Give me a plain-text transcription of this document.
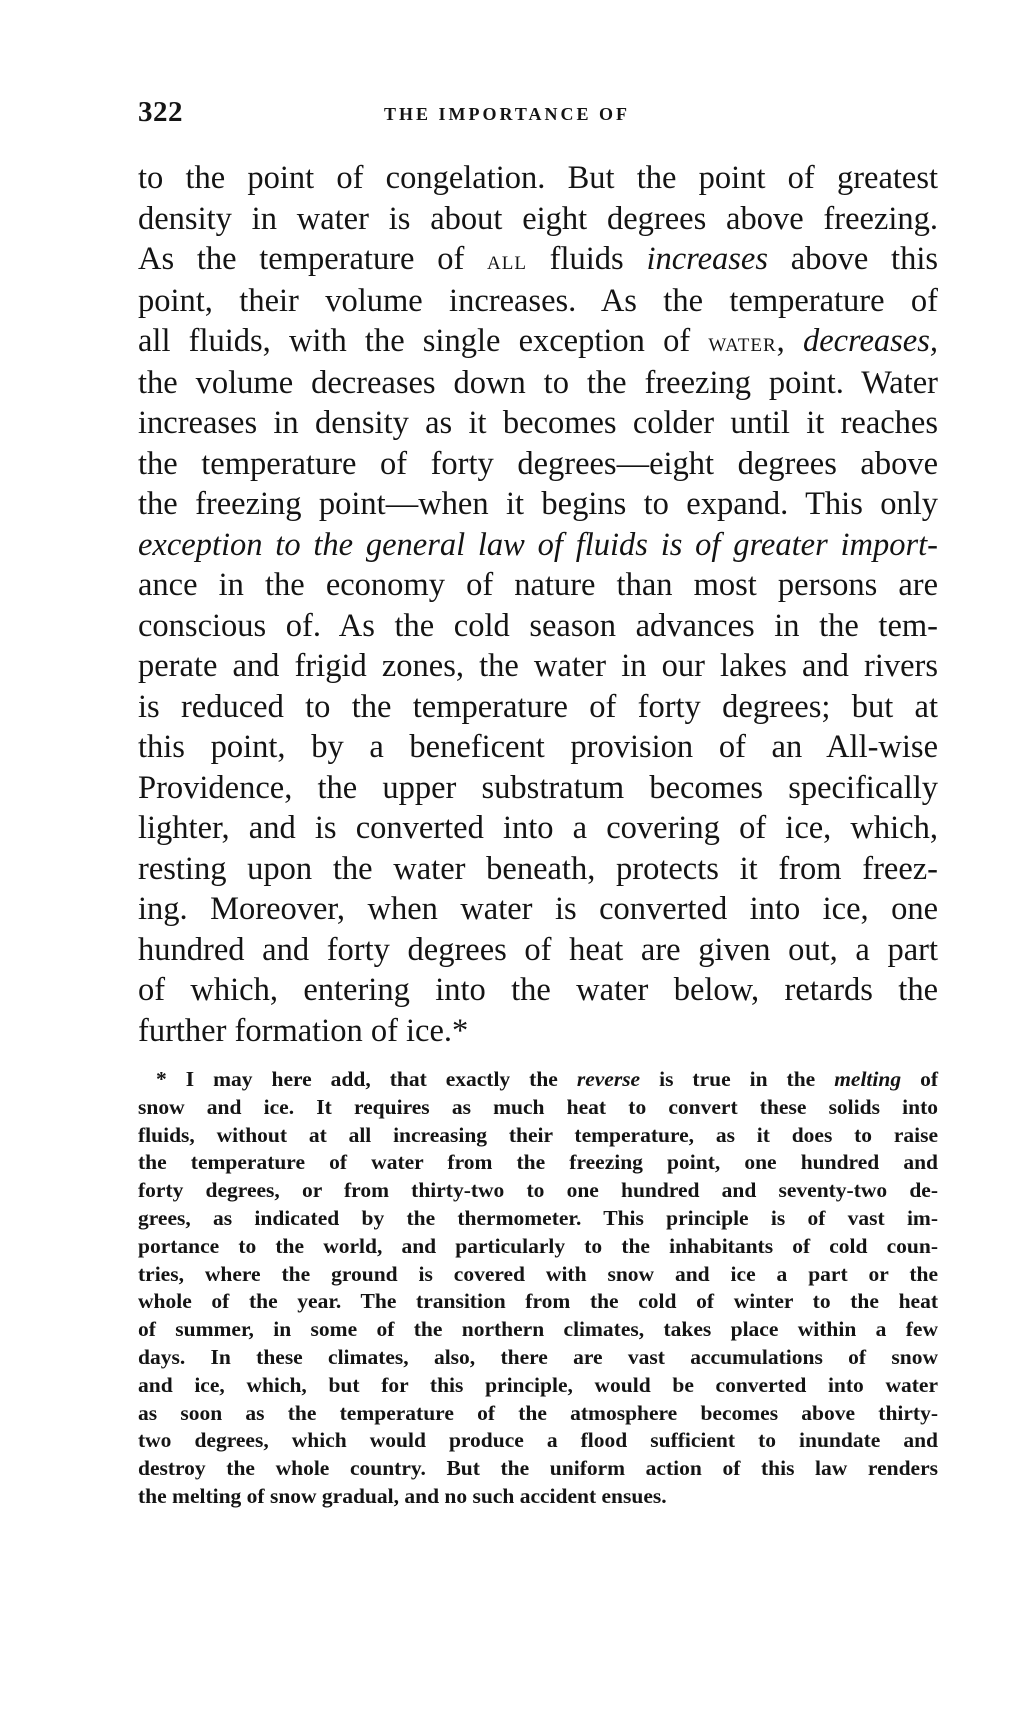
322	THE IMPORTANCE OF
to the point of congelation. But the point of greatest
density in water is about eight degrees above freezing.
As the temperature of all fluids increases above this
point, their volume increases. As the temperature of
all fluids, with the single exception of water, decreases,
the volume decreases down to the freezing point. Water
increases in density as it becomes colder until it reaches
the temperature of forty degrees—eight degrees above
the freezing point—when it begins to expand. This only
exception to the general law of fluids is of greater import-
ance in the economy of nature than most persons are
conscious of. As the cold season advances in the tem-
perate and frigid zones, the water in our lakes and rivers
is reduced to the temperature of forty degrees; but at
this point, by a beneficent provision of an All-wise
Providence, the upper substratum becomes specifically
lighter, and is converted into a covering of ice, which,
resting upon the water beneath, protects it from freez-
ing. Moreover, when water is converted into ice, one
hundred and forty degrees of heat are given out, a part
of which, entering into the water below, retards the
further formation of ice.*
* I may here add, that exactly the reverse is true in the melting of
snow and ice. It requires as much heat to convert these solids into
fluids, without at all increasing their temperature, as it does to raise
the temperature of water from the freezing point, one hundred and
forty degrees, or from thirty-two to one hundred and seventy-two de-
grees, as indicated by the thermometer. This principle is of vast im-
portance to the world, and particularly to the inhabitants of cold coun-
tries, where the ground is covered with snow and ice a part or the
whole of the year. The transition from the cold of winter to the heat
of summer, in some of the northern climates, takes place within a few
days. In these climates, also, there are vast accumulations of snow
and ice, which, but for this principle, would be converted into water
as soon as the temperature of the atmosphere becomes above thirty-
two degrees, which would produce a flood sufficient to inundate and
destroy the whole country. But the uniform action of this law renders
the melting of snow gradual, and no such accident ensues.
